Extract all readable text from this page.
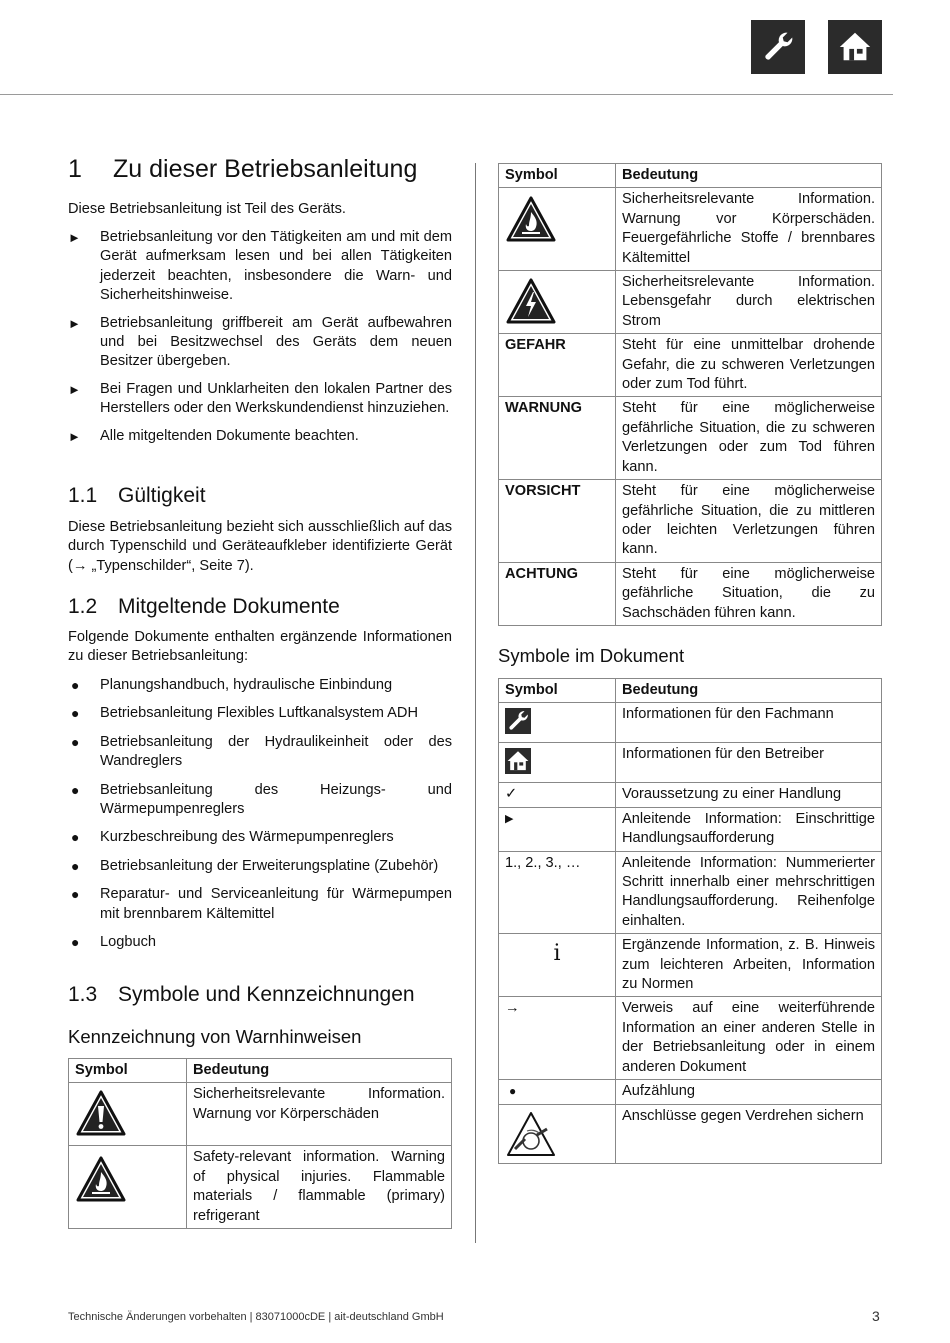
1 Zu dieser Betriebsanleitung

Diese Betriebsanleitung ist Teil des Geräts.

► Betriebsanleitung vor den Tätigkeiten am und mit dem Gerät aufmerksam lesen und bei allen Tätigkeiten jederzeit beachten, insbesondere die Warn- und Sicherheitshinweise.

► Betriebsanleitung griffbereit am Gerät aufbewahren und bei Besitzwechsel des Geräts dem neuen Besitzer übergeben.

► Bei Fragen und Unklarheiten den lokalen Partner des Herstellers oder den Werkskundendienst hinzuziehen.

► Alle mitgeltenden Dokumente beachten.

1.1 Gültigkeit

Diese Betriebsanleitung bezieht sich ausschließlich auf das durch Typenschild und Geräteaufkleber identifizierte Gerät (→ „Typenschilder“, Seite 7).

1.2 Mitgeltende Dokumente

Folgende Dokumente enthalten ergänzende Informationen zu dieser Betriebsanleitung:

● Planungshandbuch, hydraulische Einbindung

● Betriebsanleitung Flexibles Luftkanalsystem ADH

● Betriebsanleitung der Hydraulikeinheit oder des Wandreglers

● Betriebsanleitung des Heizungs- und Wärmepumpenreglers

● Kurzbeschreibung des Wärmepumpenreglers

● Betriebsanleitung der Erweiterungsplatine (Zubehör)

● Reparatur- und Serviceanleitung für Wärmepumpen mit brennbarem Kältemittel

● Logbuch

1.3 Symbole und Kennzeichnungen
Kennzeichnung von Warnhinweisen
Symbol	Bedeutung

	Sicherheitsrelevante Information. Warnung vor Körperschäden

	Safety-relevant information. Warning of physical injuries. Flammable materials / flammable (primary) refrigerant
Symbol	Bedeutung

	Sicherheitsrelevante Information. Warnung vor Körperschäden. Feuergefährliche Stoffe / brennbares Kältemittel

	Sicherheitsrelevante Information. Lebensgefahr durch elektrischen Strom
GEFAHR	Steht für eine unmittelbar drohende Gefahr, die zu schweren Verletzungen oder zum Tod führt.
WARNUNG	Steht für eine möglicherweise gefährliche Situation, die zu schweren Verletzungen oder zum Tod führen kann.
VORSICHT	Steht für eine möglicherweise gefährliche Situation, die zu mittleren oder leichten Verletzungen führen kann.
ACHTUNG	Steht für eine möglicherweise gefährliche Situation, die zu Sachschäden führen kann.
Symbole im Dokument
Symbol	Bedeutung

	Informationen für den Fachmann

	Informationen für den Betreiber
✓	Voraussetzung zu einer Handlung
▶	Anleitende Information: Einschrittige Handlungsaufforderung
1., 2., 3., …	Anleitende Information: Nummerierter Schritt innerhalb einer mehrschrittigen Handlungsaufforderung. Reihenfolge einhalten.
i	Ergänzende Information, z. B. Hinweis zum leichteren Arbeiten, Information zu Normen
→	Verweis auf eine weiterführende Information an einer anderen Stelle in der Betriebsanleitung oder in einem anderen Dokument
●	Aufzählung

	Anschlüsse gegen Verdrehen sichern
Technische Änderungen vorbehalten | 83071000cDE | ait-deutschland GmbH	3
